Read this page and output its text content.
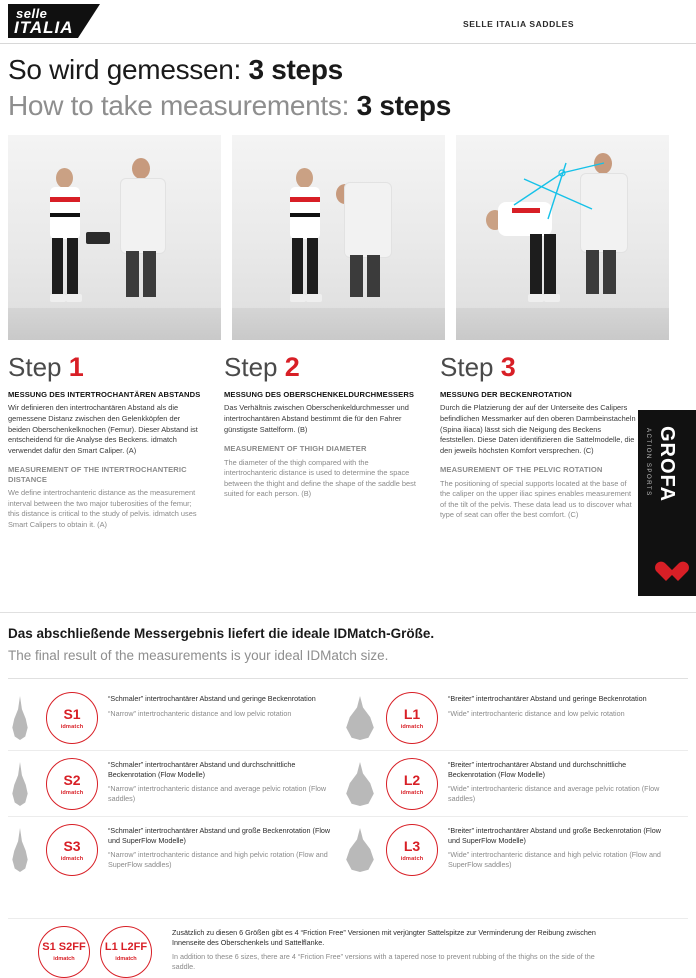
selle
ITALIA	SELLE ITALIA SADDLES
So wird gemessen: 3 steps
How to take measurements: 3 steps
Step 1	Step 2	Step 3
MESSUNG DES INTERTROCHANTÄREN ABSTANDS

Wir definieren den intertrochantären Abstand als die gemessene Distanz zwischen den Gelenkköpfen der beiden Oberschenkelknochen (Femur). Dieser Abstand ist entscheidend für die Analyse des Beckens. idmatch verwendet dafür den Smart Caliper. (A)

MEASUREMENT OF THE INTERTROCHANTERIC DISTANCE

We define intertrochanteric distance as the measurement interval between the two major tuberosities of the femur; this distance is critical to the study of pelvis. idmatch uses Smart Calipers to obtain it. (A)

MESSUNG DES OBERSCHENKELDURCHMESSERS

Das Verhältnis zwischen Oberschenkeldurchmesser und intertrochantären Abstand bestimmt die für den Fahrer günstigste Sattelform. (B)

MEASUREMENT OF THIGH DIAMETER

The diameter of the thigh compared with the intertrochanteric distance is used to determine the space between the thight and define the shape of the saddle best suited for each person. (B)

MESSUNG DER BECKENROTATION

Durch die Platzierung der auf der Unterseite des Calipers befindlichen Messmarker auf den oberen Darmbeinstacheln (Spina iliaca) lässt sich die Neigung des Beckens feststellen. Diese Daten identifizieren die Sattelmodelle, die den jeweils höchsten Komfort versprechen. (C)

MEASUREMENT OF THE PELVIC ROTATION

The positioning of special supports located at the base of the caliper on the upper iliac spines enables measurement of the tilt of the pelvis. These data lead us to discover what type of seat can offer the best comfort. (C)

GROFA
ACTION SPORTS
Das abschließende Messergebnis liefert die ideale IDMatch-Größe.
The final result of the measurements is your ideal IDMatch size.
S1
idmatch

“Schmaler” intertrochantärer Abstand und geringe Beckenrotation

“Narrow” intertrochanteric distance and low pelvic rotation	L1
idmatch

“Breiter” intertrochantärer Abstand und geringe Beckenrotation

“Wide” intertrochanteric distance and low pelvic rotation

S2
idmatch

“Schmaler” intertrochantärer Abstand und durchschnittliche Beckenrotation (Flow Modelle)

“Narrow” intertrochanteric distance and average pelvic rotation (Flow saddles)

L2
idmatch

“Breiter” intertrochantärer Abstand und durchschnittliche Beckenrotation (Flow Modelle)

“Wide” intertrochanteric distance and average pelvic rotation (Flow saddles)

S3
idmatch

“Schmaler” intertrochantärer Abstand und große Beckenrotation (Flow und SuperFlow Modelle)

“Narrow” intertrochanteric distance and high pelvic rotation (Flow and SuperFlow saddles)

L3
idmatch

“Breiter” intertrochantärer Abstand und große Beckenrotation (Flow und SuperFlow Modelle)

“Wide” intertrochanteric distance and high pelvic rotation (Flow and SuperFlow saddles)

S1 S2FF
idmatch
L1 L2FF
idmatch

Zusätzlich zu diesen 6 Größen gibt es 4 “Friction Free” Versionen mit verjüngter Sattelspitze zur Verminderung der Reibung zwischen Innenseite des Oberschenkels und Sattelflanke.

In addition to these 6 sizes, there are 4 “Friction Free” versions with a tapered nose to prevent rubbing of the thighs on the side of the saddle.
